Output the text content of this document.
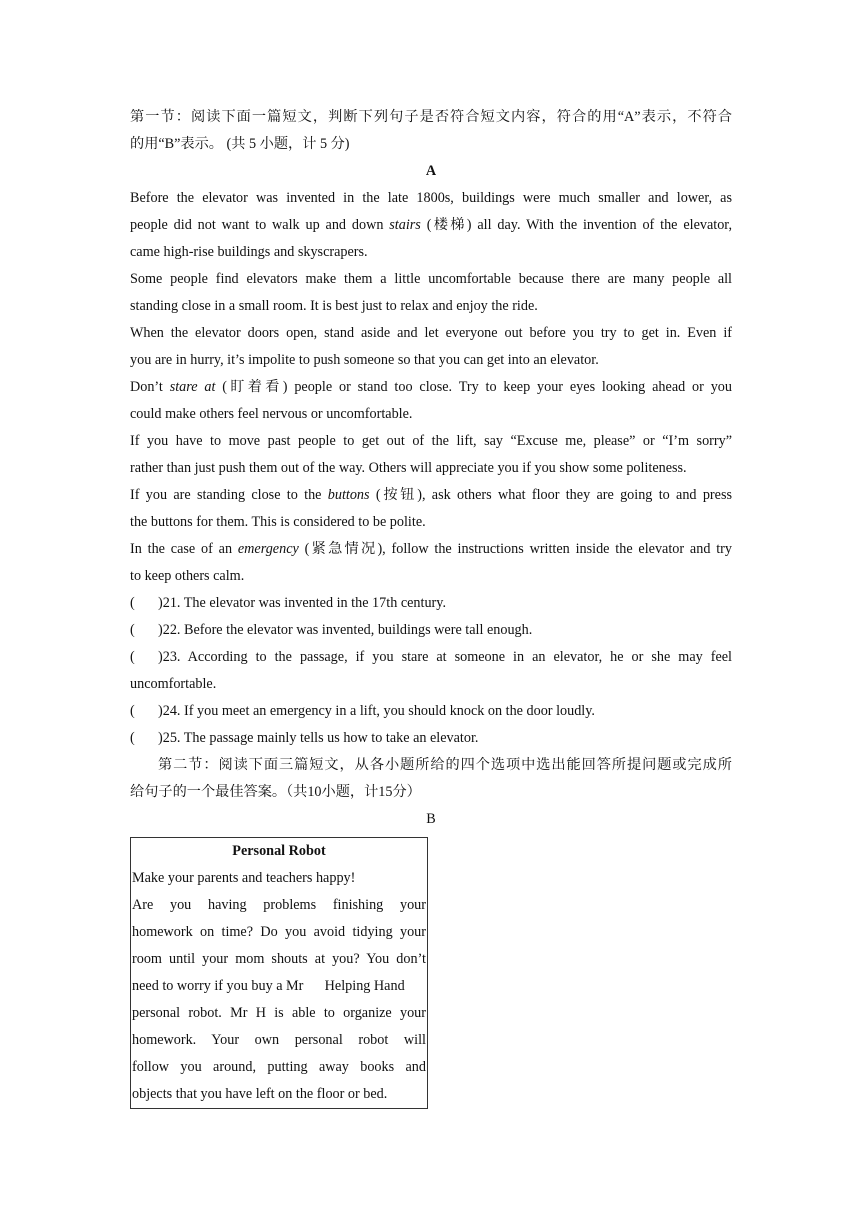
第一节：阅读下面一篇短文，判断下列句子是否符合短文内容，符合的用“A”表示，不符合
的用“B”表示。 (共 5 小题，计 5 分)
A
Before the elevator was invented in the late 1800s, buildings were much smaller and lower, as
people did not want to walk up and down stairs (楼梯) all day. With the invention of the elevator,
came high-rise buildings and skyscrapers.
Some people find elevators make them a little uncomfortable because there are many people all
standing close in a small room. It is best just to relax and enjoy the ride.
When the elevator doors open, stand aside and let everyone out before you try to get in. Even if
you are in hurry, it’s impolite to push someone so that you can get into an elevator.
Don’t stare at (盯着看) people or stand too close. Try to keep your eyes looking ahead or you
could make others feel nervous or uncomfortable.
If you have to move past people to get out of the lift, say “Excuse me, please” or “I’m sorry”
rather than just push them out of the way. Others will appreciate you if you show some politeness.
If you are standing close to the buttons (按钮), ask others what floor they are going to and press
the buttons for them. This is considered to be polite.
In the case of an emergency (紧急情况), follow the instructions written inside the elevator and try
to keep others calm.
( )21. The elevator was invented in the 17th century.
( )22. Before the elevator was invented, buildings were tall enough.
( )23. According to the passage, if you stare at someone in an elevator, he or she may feel
uncomfortable.
( )24. If you meet an emergency in a lift, you should knock on the door loudly.
( )25. The passage mainly tells us how to take an elevator.
第二节：阅读下面三篇短文，从各小题所给的四个选项中选出能回答所提问题或完成所
给句子的一个最佳答案。（共10小题，计15分）
B
Personal Robot
Make your parents and teachers happy!
Are you having problems finishing your
homework on time? Do you avoid tidying your
room until your mom shouts at you? You don’t
need to worry if you buy a Mr      Helping Hand
personal robot. Mr H is able to organize your
homework. Your own personal robot will
follow you around, putting away books and
objects that you have left on the floor or bed.
